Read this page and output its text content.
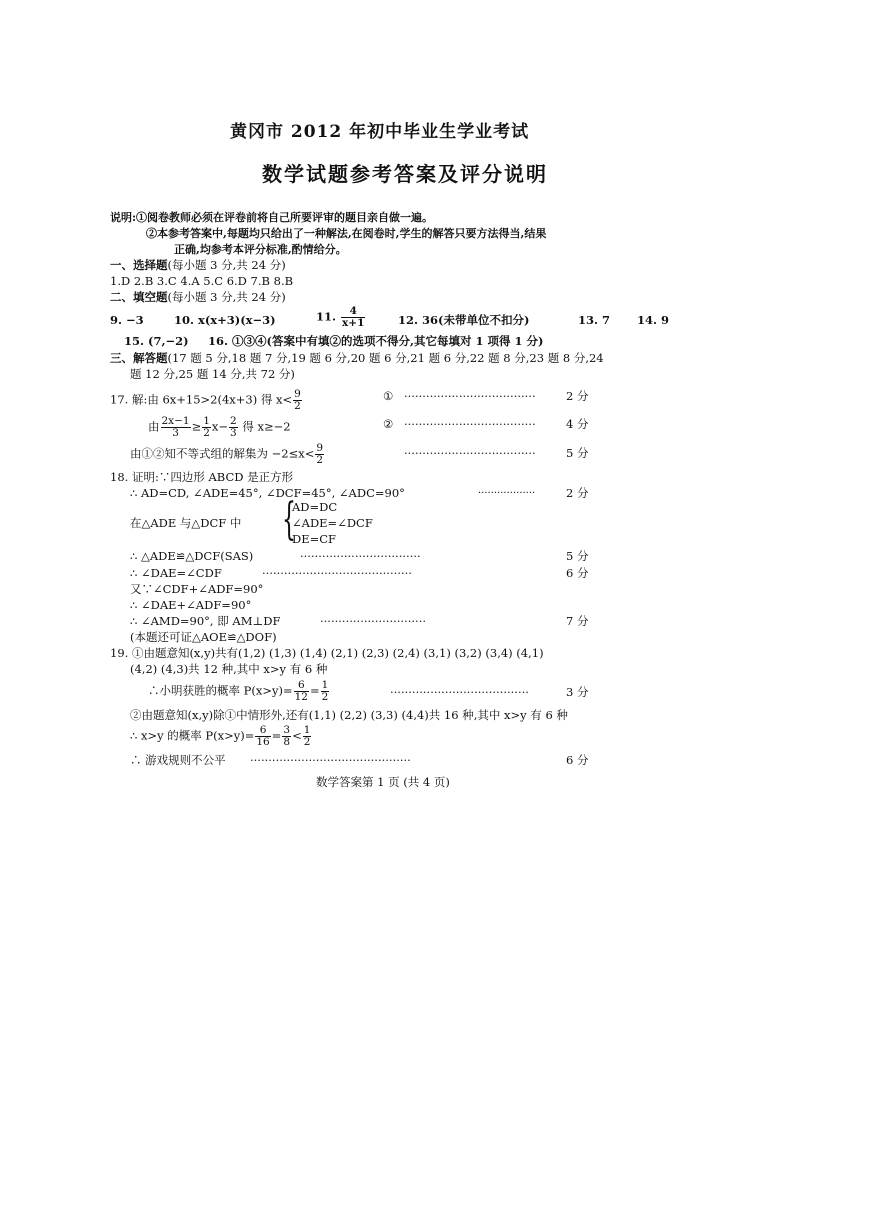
黄冈市 2012 年初中毕业生学业考试
数学试题参考答案及评分说明
说明:①阅卷教师必须在评卷前将自己所要评审的题目亲自做一遍。
②本参考答案中,每题均只给出了一种解法,在阅卷时,学生的解答只要方法得当,结果
正确,均参考本评分标准,酌情给分。
一、选择题(每小题 3 分,共 24 分)
1.D 2.B 3.C 4.A 5.C 6.D 7.B 8.B
二、填空题(每小题 3 分,共 24 分)
9. −3	10. x(x+3)(x−3)	11. $\frac{4}{x+1}$	12. 36(未带单位不扣分)	13. 7 14. 9
15. (7,−2) 16. ①③④(答案中有填②的选项不得分,其它每填对 1 项得 1 分)
三、解答题(17 题 5 分,18 题 7 分,19 题 6 分,20 题 6 分,21 题 6 分,22 题 8 分,23 题 8 分,24
题 12 分,25 题 14 分,共 72 分)
17. 解:由 6x+15>2(4x+3) 得 $x< \frac{9}{2}$	① ····································	2 分
由 $\frac{2x-1}{3} \ge \frac{1}{2} x- \frac{2}{3}$ 得 x≥−2	② ····································	4 分
由①②知不等式组的解集为 $-2\le x< \frac{9}{2}$	····································	5 分
18. 证明:∵四边形 ABCD 是正方形
∴ AD=CD, ∠ADE=45°, ∠DCF=45°, ∠ADC=90°	··················	2 分
在△ADE 与△DCF 中 {
AD=DC
∠ADE=∠DCF
DE=CF
∴ △ADE≌△DCF(SAS)	·································	5 分
∴ ∠DAE=∠CDF	·········································	6 分
又∵∠CDF+∠ADF=90°
∴ ∠DAE+∠ADF=90°
∴ ∠AMD=90°, 即 AM⊥DF	·····························	7 分
(本题还可证△AOE≌△DOF)
19. ①由题意知(x,y)共有(1,2) (1,3) (1,4) (2,1) (2,3) (2,4) (3,1) (3,2) (3,4) (4,1)
(4,2) (4,3)共 12 种,其中 x>y 有 6 种
∴小明获胜的概率 $P(x>y)= \frac{6}{12} = \frac{1}{2}$	······································	3 分
②由题意知(x,y)除①中情形外,还有(1,1) (2,2) (3,3) (4,4)共 16 种,其中 x>y 有 6 种
∴ x>y 的概率 $P(x>y)= \frac{6}{16} = \frac{3}{8} < \frac{1}{2}$
∴ 游戏规则不公平 ············································	6 分
数学答案第 1 页 (共 4 页)
